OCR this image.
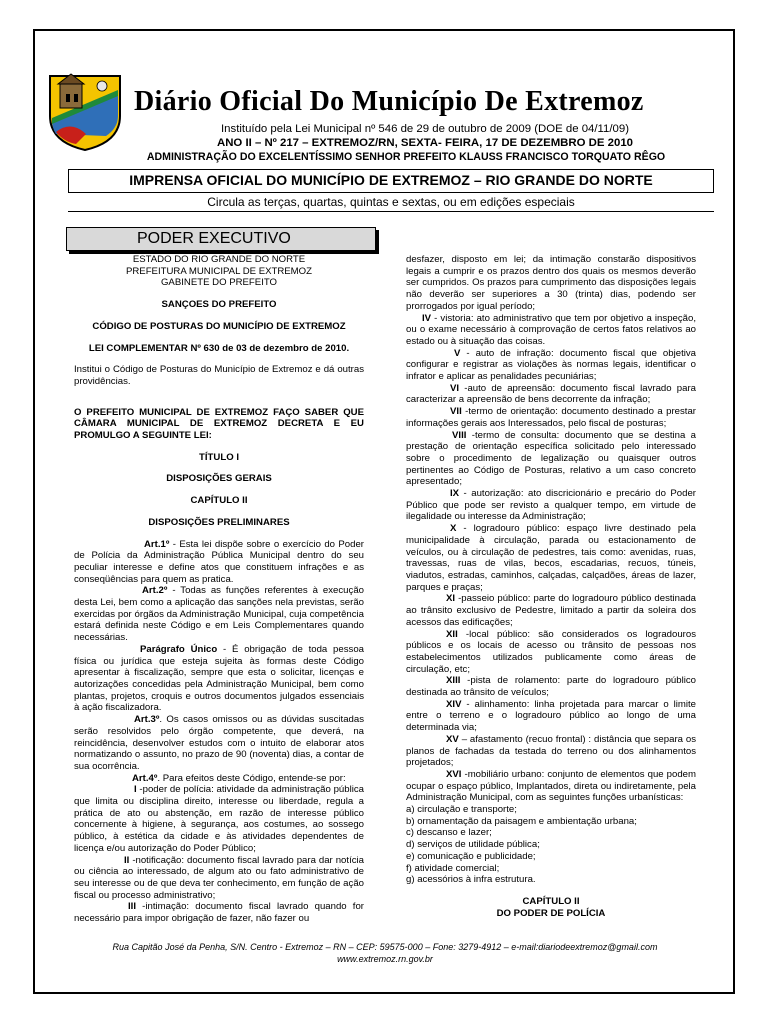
Diário Oficial Do Município De Extremoz
Instituído pela Lei Municipal nº 546 de 29 de outubro de 2009 (DOE de 04/11/09)
ANO II – Nº 217 – EXTREMOZ/RN, SEXTA- FEIRA, 17 DE DEZEMBRO DE 2010
ADMINISTRAÇÃO DO EXCELENTÍSSIMO SENHOR PREFEITO KLAUSS FRANCISCO TORQUATO RÊGO
IMPRENSA OFICIAL DO MUNICÍPIO DE EXTREMOZ – RIO GRANDE DO NORTE
Circula as terças, quartas, quintas e sextas, ou em edições especiais
PODER EXECUTIVO

ESTADO DO RIO GRANDE DO NORTE

PREFEITURA MUNICIPAL DE EXTREMOZ

GABINETE DO PREFEITO

SANÇOES DO PREFEITO

CÓDIGO DE POSTURAS DO MUNICÍPIO DE EXTREMOZ

LEI COMPLEMENTAR Nº 630 de 03 de dezembro de 2010.

Institui o Código de Posturas do Município de Extremoz e dá outras providências.

O PREFEITO MUNICIPAL DE EXTREMOZ FAÇO SABER QUE CÂMARA MUNICIPAL DE EXTREMOZ DECRETA E EU PROMULGO A SEGUINTE LEI:

TÍTULO I

DISPOSIÇÕES GERAIS

CAPÍTULO II

DISPOSIÇÕES PRELIMINARES

Art.1º - Esta lei dispõe sobre o exercício do Poder de Polícia da Administração Pública Municipal dentro do seu peculiar interesse e define atos que constituem infrações e as conseqüências para quem as pratica.

Art.2º - Todas as funções referentes à execução desta Lei, bem como a aplicação das sanções nela previstas, serão exercidas por órgãos da Administração Municipal, cuja competência estará definida neste Código e em Leis Complementares quando necessárias.

Parágrafo Único - É obrigação de toda pessoa física ou jurídica que esteja sujeita às formas deste Código apresentar à fiscalização, sempre que esta o solicitar, licenças e autorizações concedidas pela Administração Municipal, bem como plantas, projetos, croquis e outros documentos julgados essenciais à ação fiscalizadora.

Art.3º. Os casos omissos ou as dúvidas suscitadas serão resolvidos pelo órgão competente, que deverá, na reincidência, desenvolver estudos com o intuito de elaborar atos normatizando o assunto, no prazo de 90 (noventa) dias, a contar de sua ocorrência.

Art.4º. Para efeitos deste Código, entende-se por:

I -poder de polícia: atividade da administração pública que limita ou disciplina direito, interesse ou liberdade, regula a prática de ato ou abstenção, em razão de interesse público concernente à higiene, à segurança, aos costumes, ao sossego público, à estética da cidade e às atividades dependentes de licença e/ou autorização do Poder Público;

II -notificação: documento fiscal lavrado para dar notícia ou ciência ao interessado, de algum ato ou fato administrativo de seu interesse ou de que deva ter conhecimento, em função de ação fiscal ou processo administrativo;

III -intimação: documento fiscal lavrado quando for necessário para impor obrigação de fazer, não fazer ou

desfazer, disposto em lei; da intimação constarão dispositivos legais a cumprir e os prazos dentro dos quais os mesmos deverão ser cumpridos. Os prazos para cumprimento das disposições legais não deverão ser superiores a 30 (trinta) dias, podendo ser prorrogados por igual período;

IV - vistoria: ato administrativo que tem por objetivo a inspeção, ou o exame necessário à comprovação de certos fatos relativos ao estado ou à situação das coisas.

V - auto de infração: documento fiscal que objetiva configurar e registrar as violações às normas legais, identificar o infrator e aplicar as penalidades pecuniárias;

VI -auto de apreensão: documento fiscal lavrado para caracterizar a apreensão de bens decorrente da infração;

VII -termo de orientação: documento destinado a prestar informações gerais aos Interessados, pelo fiscal de posturas;

VIII -termo de consulta: documento que se destina a prestação de orientação específica solicitado pelo interessado sobre o procedimento de legalização ou quaisquer outros pertinentes ao Código de Posturas, relativo a um caso concreto apresentado;

IX - autorização: ato discricionário e precário do Poder Público que pode ser revisto a qualquer tempo, em virtude de ilegalidade ou interesse da Administração;

X - logradouro público: espaço livre destinado pela municipalidade à circulação, parada ou estacionamento de veículos, ou à circulação de pedestres, tais como: avenidas, ruas, travessas, ruas de vilas, becos, escadarias, recuos, túneis, viadutos, estradas, caminhos, calçadas, calçadões, áreas de lazer, parques e praças;

XI -passeio público: parte do logradouro público destinada ao trânsito exclusivo de Pedestre, limitado a partir da soleira dos acessos das edificações;

XII -local público: são considerados os logradouros públicos e os locais de acesso ou trânsito de pessoas nos estabelecimentos utilizados publicamente como áreas de circulação, etc;

XIII -pista de rolamento: parte do logradouro público destinada ao trânsito de veículos;

XIV - alinhamento: linha projetada para marcar o limite entre o terreno e o logradouro público ao longo de uma determinada via;

XV – afastamento (recuo frontal) : distância que separa os planos de fachadas da testada do terreno ou dos alinhamentos projetados;

XVI -mobiliário urbano: conjunto de elementos que podem ocupar o espaço público, Implantados, direta ou indiretamente, pela Administração Municipal, com as seguintes funções urbanísticas:

a) circulação e transporte;

b) ornamentação da paisagem e ambientação urbana;

c) descanso e lazer;

d) serviços de utilidade pública;

e) comunicação e publicidade;

f) atividade comercial;

g) acessórios à infra estrutura.

CAPÍTULO II

DO PODER DE POLÍCIA

Rua Capitão José da Penha, S/N. Centro - Extremoz – RN – CEP: 59575-000 – Fone: 3279-4912 – e-mail:diariodeextremoz@gmail.com
www.extremoz.rn.gov.br
